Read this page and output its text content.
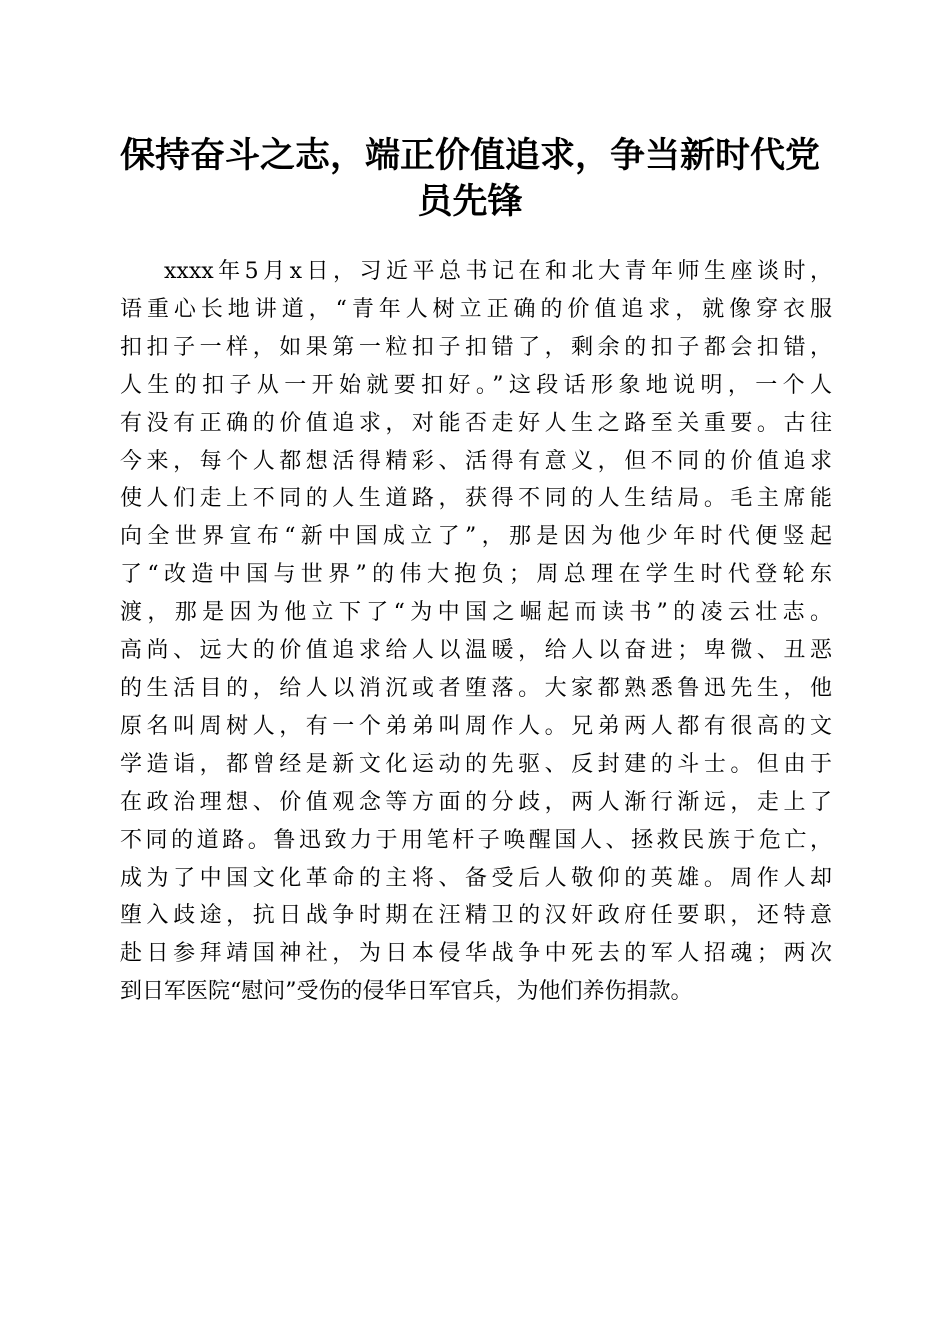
保持奋斗之志，端正价值追求，争当新时代党员先锋
xxxx年5月x日，习近平总书记在和北大青年师生座谈时，
语重心长地讲道，“青年人树立正确的价值追求，就像穿衣服
扣扣子一样，如果第一粒扣子扣错了，剩余的扣子都会扣错，
人生的扣子从一开始就要扣好。”这段话形象地说明，一个人
有没有正确的价值追求，对能否走好人生之路至关重要。古往
今来，每个人都想活得精彩、活得有意义，但不同的价值追求
使人们走上不同的人生道路，获得不同的人生结局。毛主席能
向全世界宣布“新中国成立了”，那是因为他少年时代便竖起
了“改造中国与世界”的伟大抱负；周总理在学生时代登轮东
渡，那是因为他立下了“为中国之崛起而读书”的凌云壮志。
高尚、远大的价值追求给人以温暖，给人以奋进；卑微、丑恶
的生活目的，给人以消沉或者堕落。大家都熟悉鲁迅先生，他
原名叫周树人，有一个弟弟叫周作人。兄弟两人都有很高的文
学造诣，都曾经是新文化运动的先驱、反封建的斗士。但由于
在政治理想、价值观念等方面的分歧，两人渐行渐远，走上了
不同的道路。鲁迅致力于用笔杆子唤醒国人、拯救民族于危亡，
成为了中国文化革命的主将、备受后人敬仰的英雄。周作人却
堕入歧途，抗日战争时期在汪精卫的汉奸政府任要职，还特意
赴日参拜靖国神社，为日本侵华战争中死去的军人招魂；两次
到日军医院“慰问”受伤的侵华日军官兵，为他们养伤捐款。
